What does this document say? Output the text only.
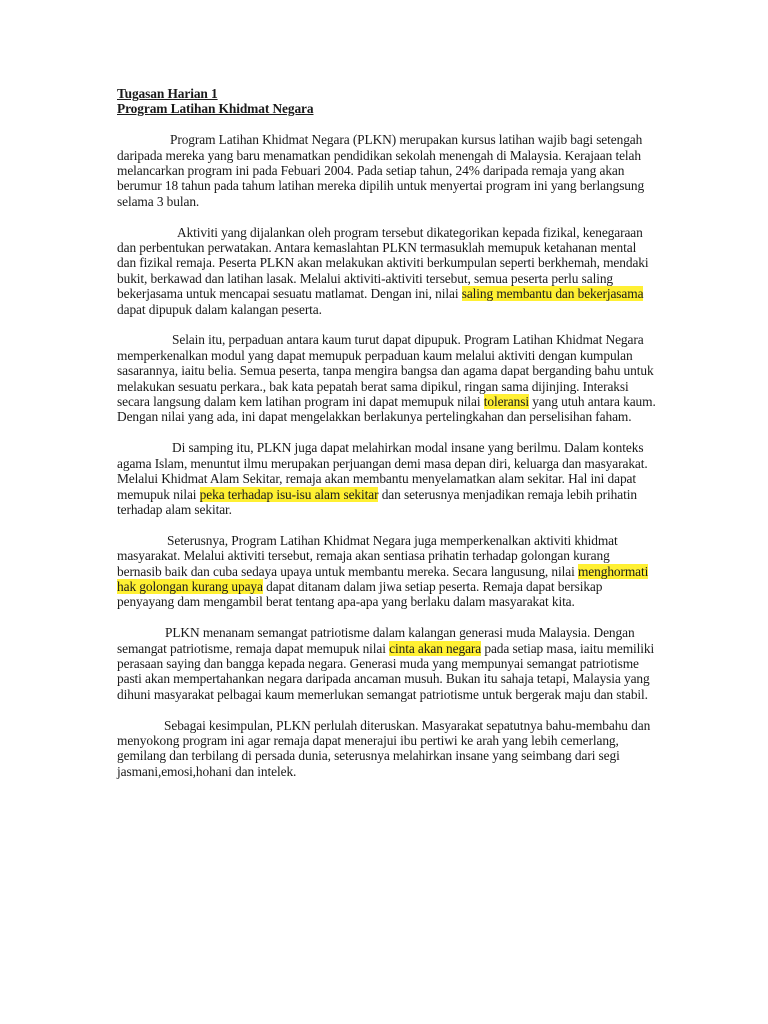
Tugasan Harian 1

Program Latihan Khidmat Negara

Program Latihan Khidmat Negara (PLKN) merupakan kursus latihan wajib bagi setengah daripada mereka yang baru menamatkan pendidikan sekolah menengah di Malaysia. Kerajaan telah melancarkan program ini pada Febuari 2004. Pada setiap tahun, 24% daripada remaja yang akan berumur 18 tahun pada tahum latihan mereka dipilih untuk menyertai program ini yang berlangsung selama 3 bulan.

Aktiviti yang dijalankan oleh program tersebut dikategorikan kepada fizikal, kenegaraan dan perbentukan perwatakan. Antara kemaslahtan PLKN termasuklah memupuk ketahanan mental dan fizikal remaja. Peserta PLKN akan melakukan aktiviti berkumpulan seperti berkhemah, mendaki bukit, berkawad dan latihan lasak. Melalui aktiviti-aktiviti tersebut, semua peserta perlu saling bekerjasama untuk mencapai sesuatu matlamat. Dengan ini, nilai saling membantu dan bekerjasama dapat dipupuk dalam kalangan peserta.

Selain itu, perpaduan antara kaum turut dapat dipupuk. Program Latihan Khidmat Negara memperkenalkan modul yang dapat memupuk perpaduan kaum melalui aktiviti dengan kumpulan sasarannya, iaitu belia. Semua peserta, tanpa mengira bangsa dan agama dapat berganding bahu untuk melakukan sesuatu perkara., bak kata pepatah berat sama dipikul, ringan sama dijinjing. Interaksi secara langsung dalam kem latihan program ini dapat memupuk nilai toleransi yang utuh antara kaum. Dengan nilai yang ada, ini dapat mengelakkan berlakunya pertelingkahan dan perselisihan faham.

Di samping itu, PLKN juga dapat melahirkan modal insane yang berilmu. Dalam konteks agama Islam, menuntut ilmu merupakan perjuangan demi masa depan diri, keluarga dan masyarakat. Melalui Khidmat Alam Sekitar, remaja akan membantu menyelamatkan alam sekitar. Hal ini dapat memupuk nilai peka terhadap isu-isu alam sekitar dan seterusnya menjadikan remaja lebih prihatin terhadap alam sekitar.

Seterusnya, Program Latihan Khidmat Negara juga memperkenalkan aktiviti khidmat masyarakat. Melalui aktiviti tersebut, remaja akan sentiasa prihatin terhadap golongan kurang bernasib baik dan cuba sedaya upaya untuk membantu mereka. Secara langusung, nilai menghormati hak golongan kurang upaya dapat ditanam dalam jiwa setiap peserta. Remaja dapat bersikap penyayang dam mengambil berat tentang apa-apa yang berlaku dalam masyarakat kita.

PLKN menanam semangat patriotisme dalam kalangan generasi muda Malaysia. Dengan semangat patriotisme, remaja dapat memupuk nilai cinta akan negara pada setiap masa, iaitu memiliki perasaan saying dan bangga kepada negara. Generasi muda yang mempunyai semangat patriotisme pasti akan mempertahankan negara daripada ancaman musuh. Bukan itu sahaja tetapi, Malaysia yang dihuni masyarakat pelbagai kaum memerlukan semangat patriotisme untuk bergerak maju dan stabil.

Sebagai kesimpulan, PLKN perlulah diteruskan. Masyarakat sepatutnya bahu-membahu dan menyokong program ini agar remaja dapat menerajui ibu pertiwi ke arah yang lebih cemerlang, gemilang dan terbilang di persada dunia, seterusnya melahirkan insane yang seimbang dari segi jasmani,emosi,hohani dan intelek.
